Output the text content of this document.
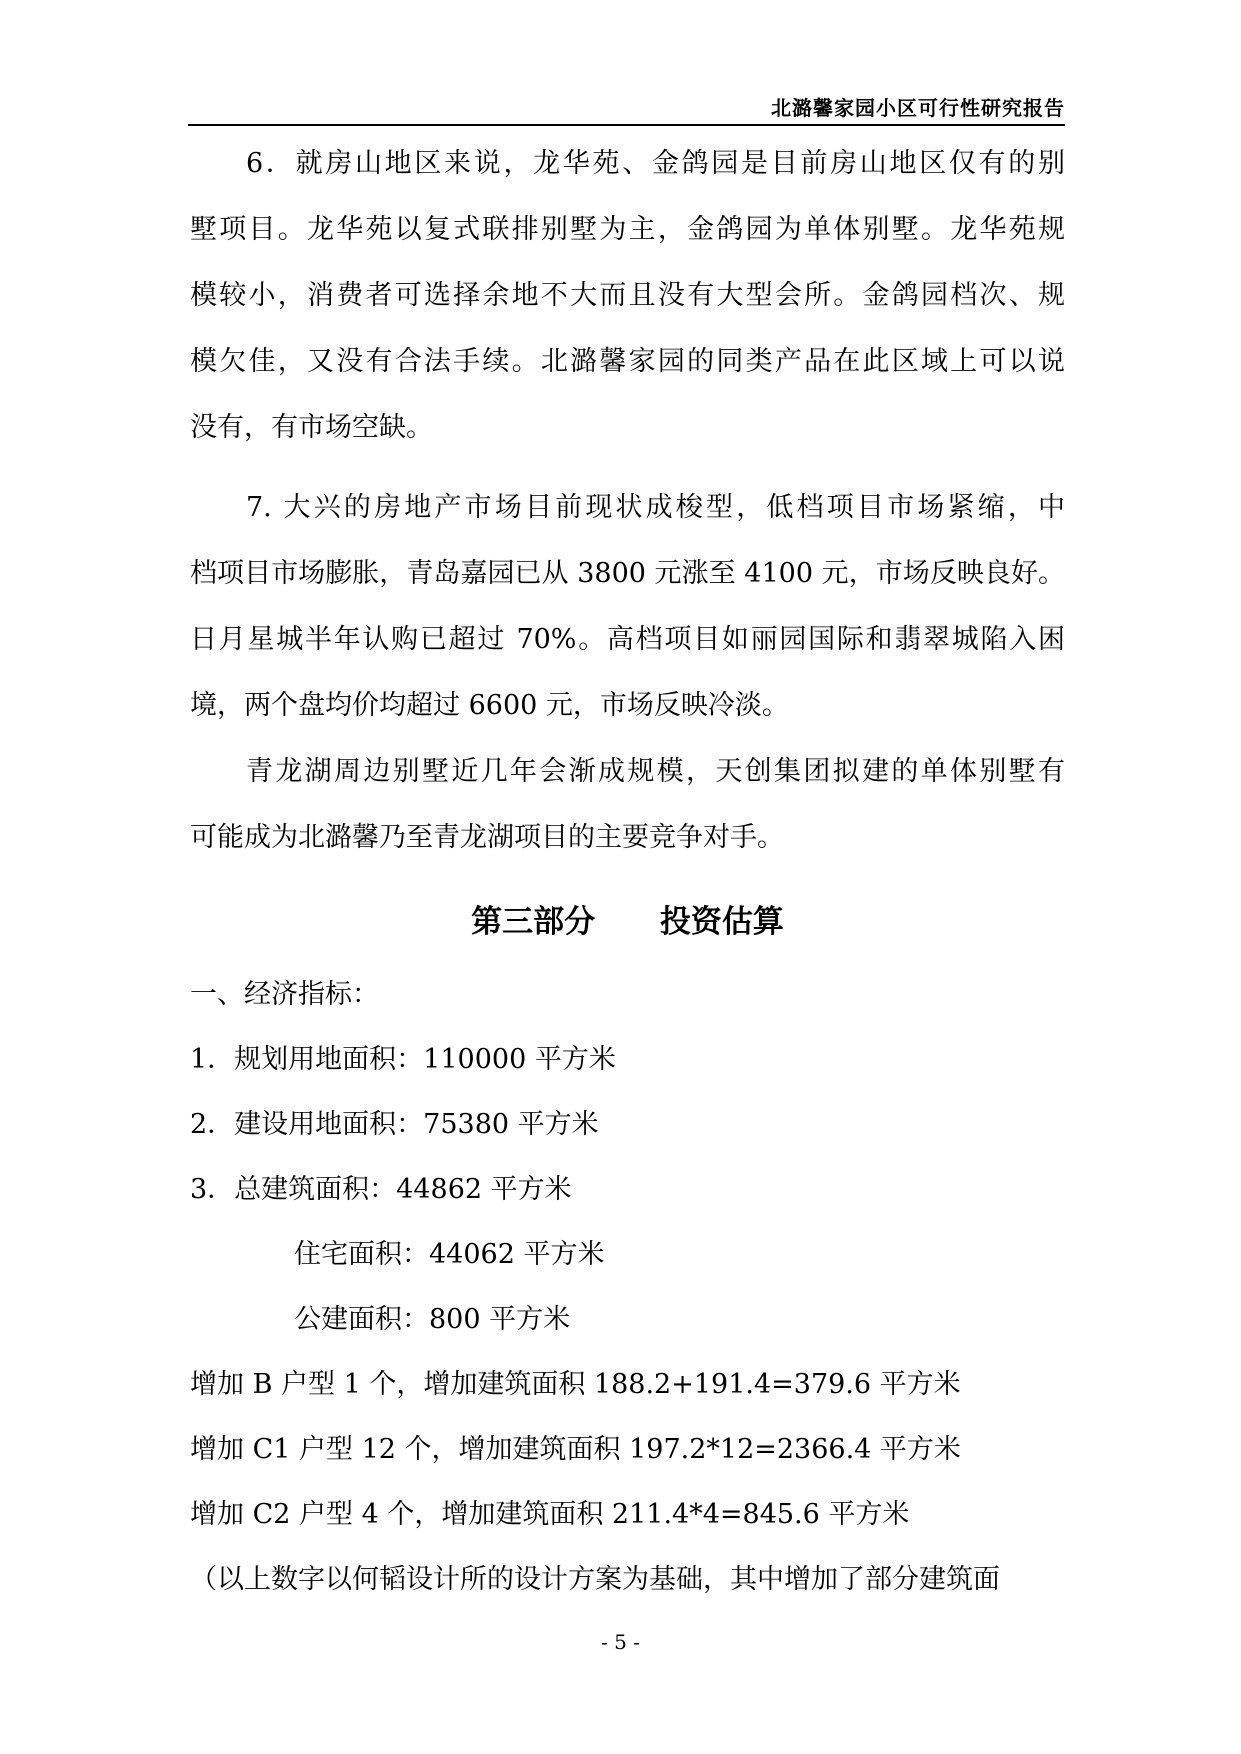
北潞馨家园小区可行性研究报告
6．就房山地区来说，龙华苑、金鸽园是目前房山地区仅有的别
墅项目。龙华苑以复式联排别墅为主，金鸽园为单体别墅。龙华苑规
模较小，消费者可选择余地不大而且没有大型会所。金鸽园档次、规
模欠佳，又没有合法手续。北潞馨家园的同类产品在此区域上可以说
没有，有市场空缺。
7. 大兴的房地产市场目前现状成梭型，低档项目市场紧缩，中
档项目市场膨胀，青岛嘉园已从 3800 元涨至 4100 元，市场反映良好。
日月星城半年认购已超过 70%。高档项目如丽园国际和翡翠城陷入困
境，两个盘均价均超过 6600 元，市场反映冷淡。
青龙湖周边别墅近几年会渐成规模，天创集团拟建的单体别墅有
可能成为北潞馨乃至青龙湖项目的主要竞争对手。
第三部分      投资估算
一、经济指标：
1．规划用地面积：110000 平方米
2．建设用地面积：75380 平方米
3．总建筑面积：44862 平方米
住宅面积：44062 平方米
公建面积：800 平方米
增加 B 户型 1 个，增加建筑面积 188.2+191.4=379.6 平方米
增加 C1 户型 12 个，增加建筑面积 197.2*12=2366.4 平方米
增加 C2 户型 4 个，增加建筑面积 211.4*4=845.6 平方米
（以上数字以何韬设计所的设计方案为基础，其中增加了部分建筑面
- 5 -
